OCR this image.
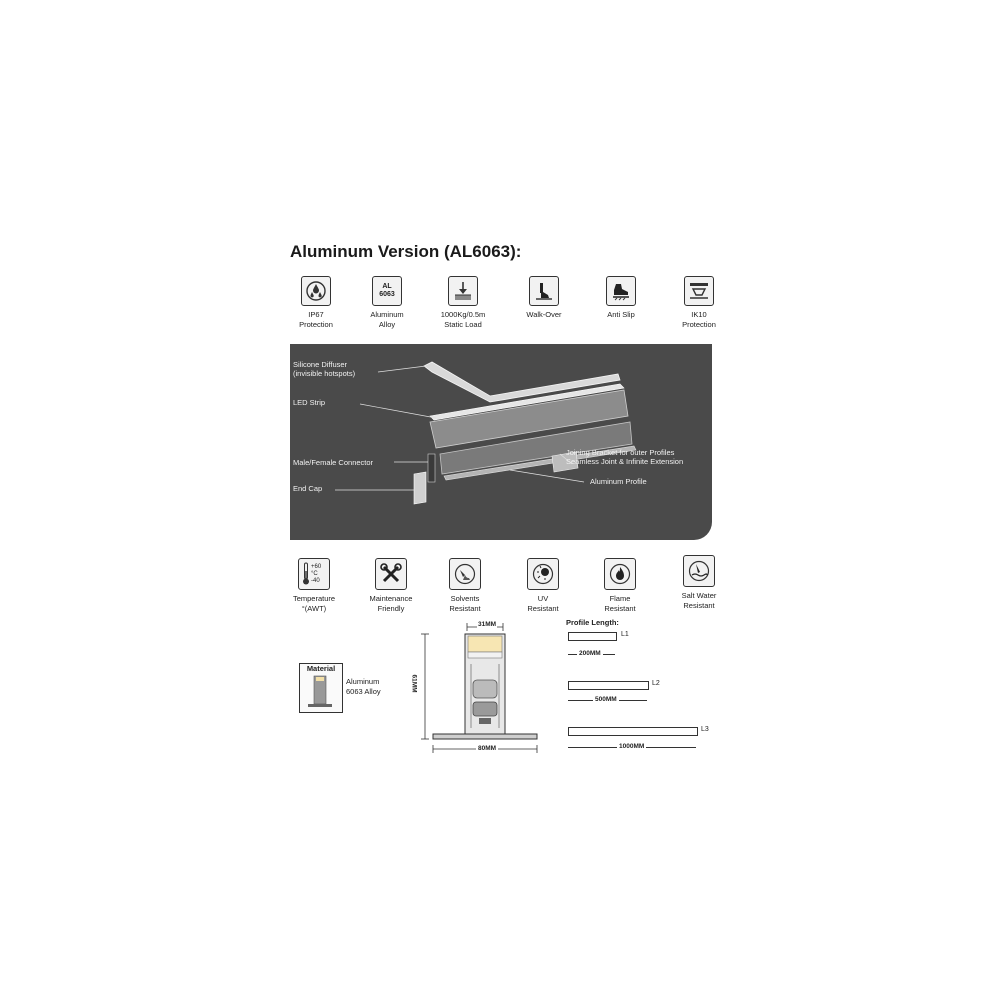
Aluminum Version (AL6063):
IP67
Protection
AL
6063
Aluminum
Alloy
1000Kg/0.5m
Static Load
Walk-Over	Anti Slip	IK10
Protection
Silicone Diffuser
(invisible hotspots)
LED Strip
Male/Female Connector
End Cap
Joining Bracket for outer Profiles
Seamless Joint & Infinite Extension
Aluminum Profile
+60
°C
-40
Temperature
°(AWT)
Maintenance
Friendly
Solvents
Resistant
UV
Resistant
Flame
Resistant
Salt Water
Resistant
Material
Aluminum
6063 Alloy
31MM
61MM
80MM
Profile Length:
L1
200MM
L2
500MM
L3
1000MM
